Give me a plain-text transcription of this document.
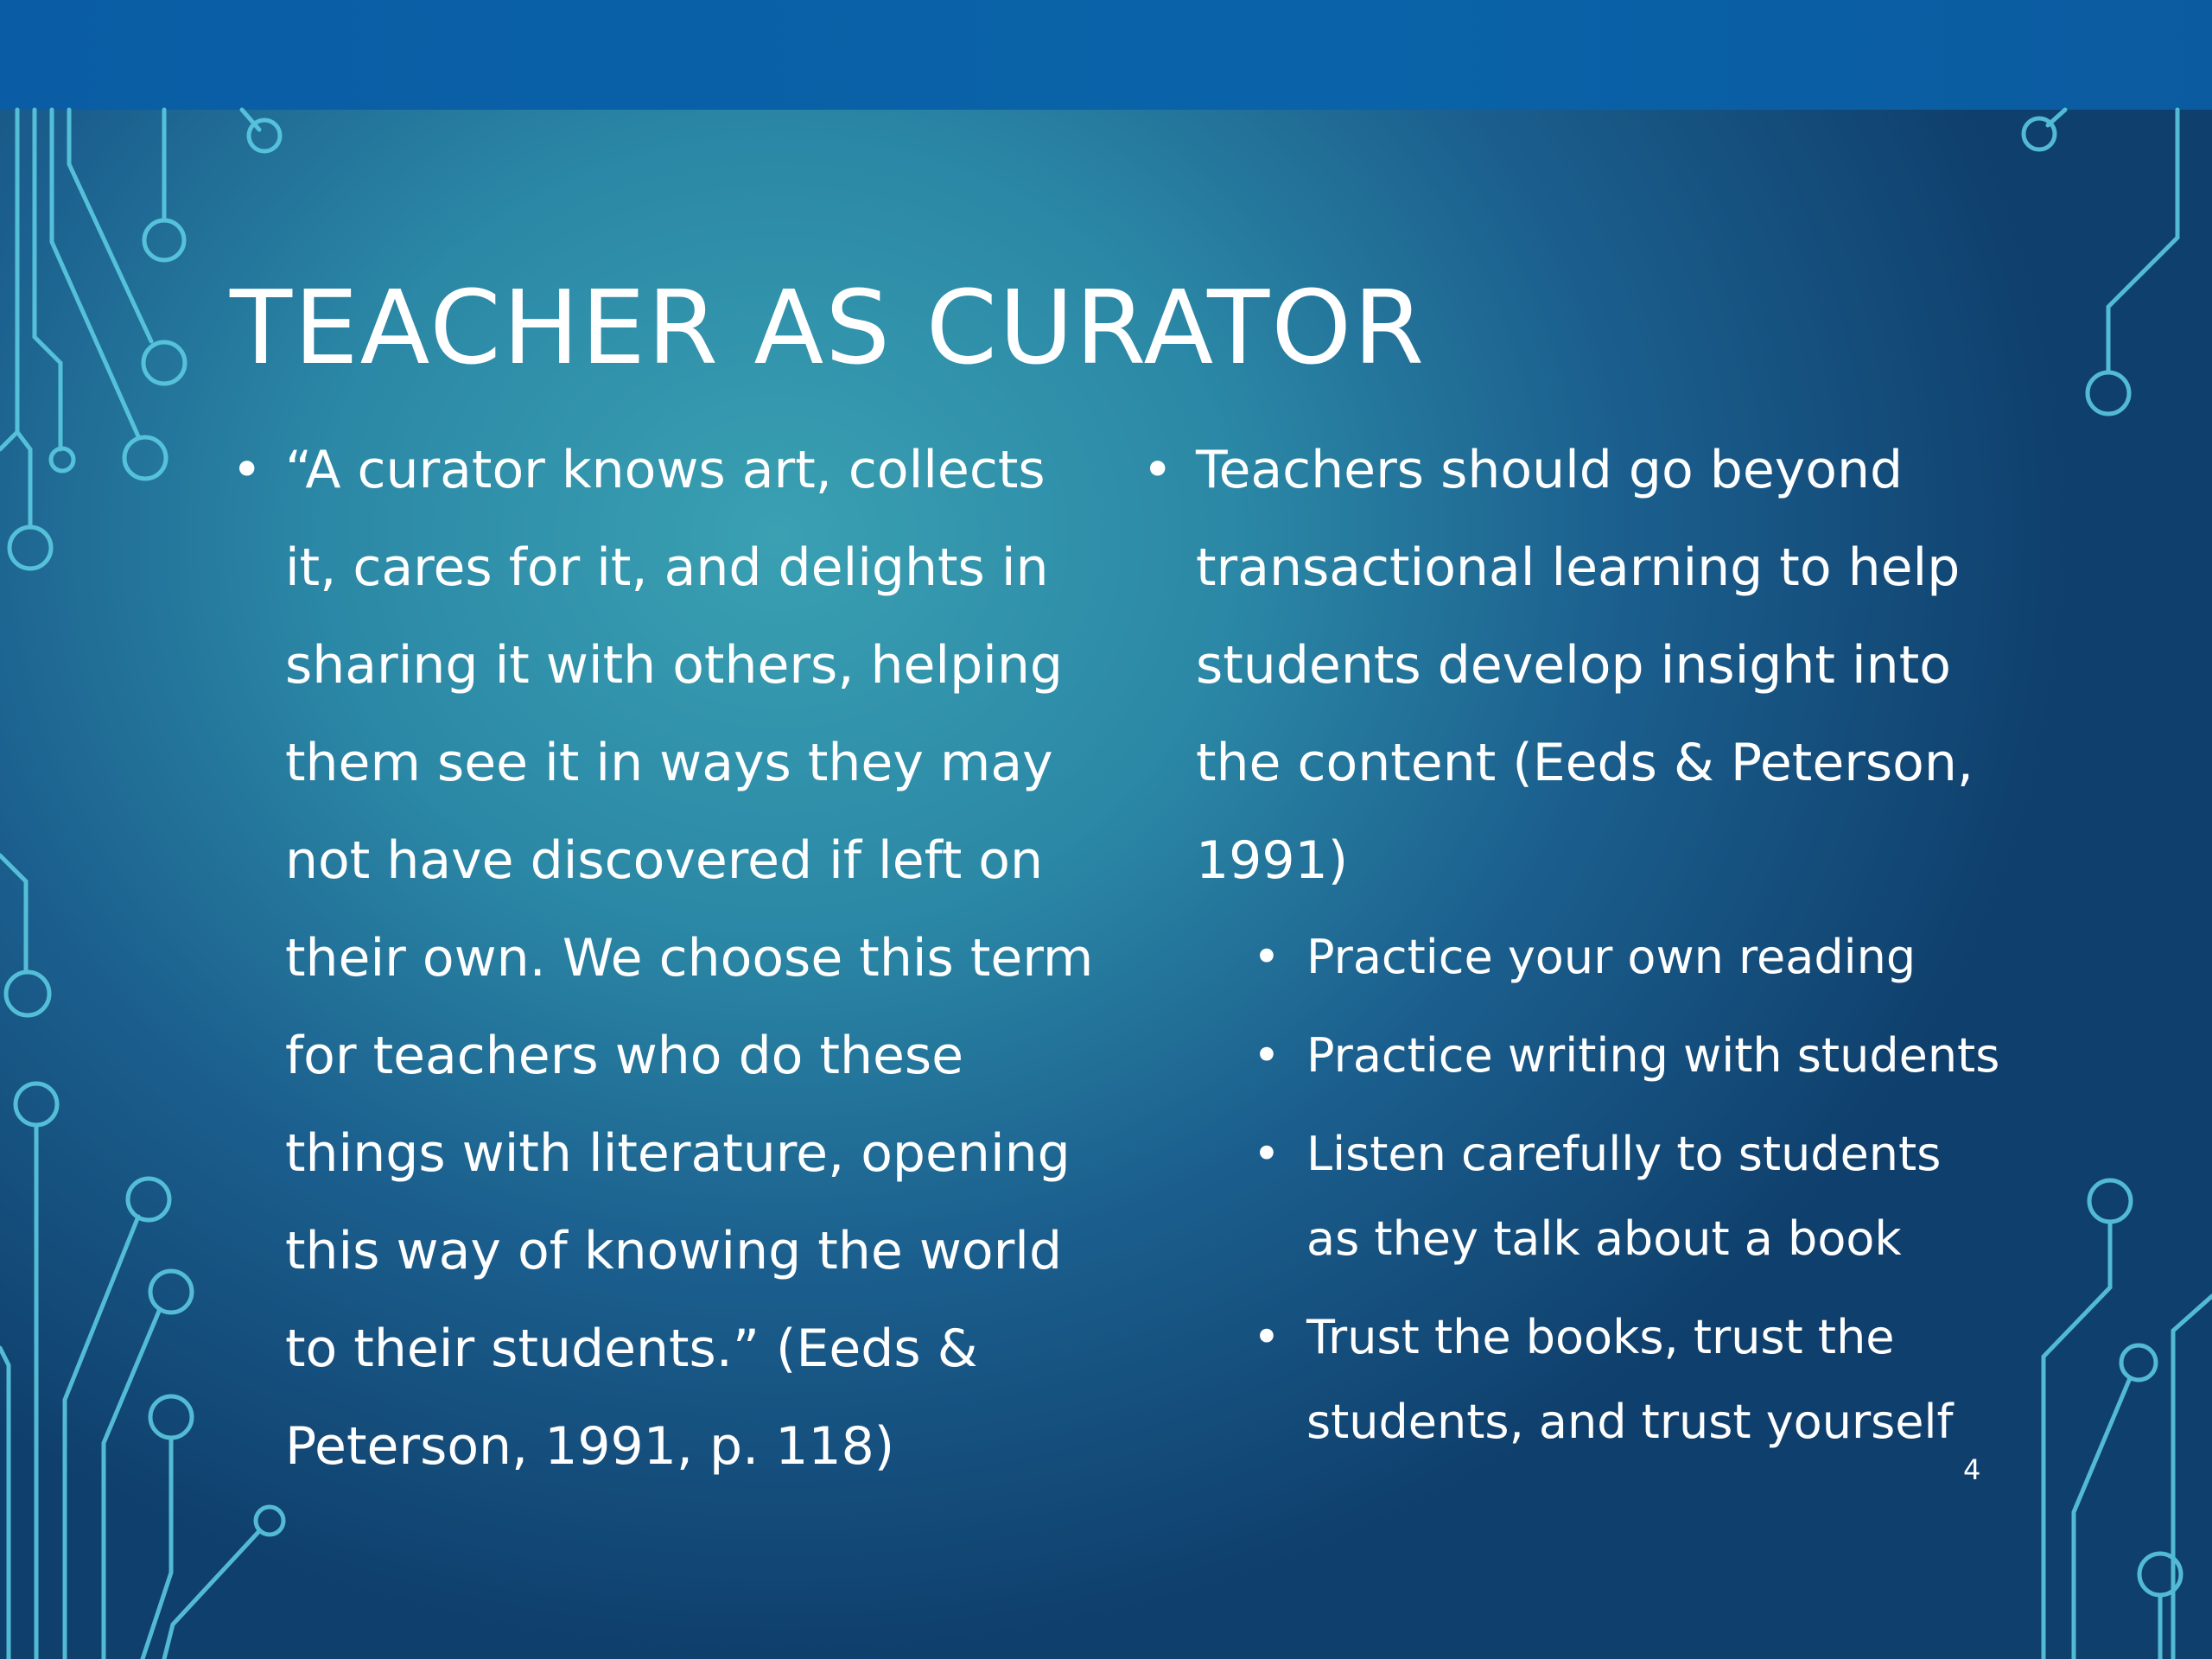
TEACHER AS CURATOR
• “A curator knows art, collects it, cares for it, and delights in sharing it with others, helping them see it in ways they may not have discovered if left on their own. We choose this term for teachers who do these things with literature, opening this way of knowing the world to their students.” (Eeds & Peterson, 1991, p. 118)
• Teachers should go beyond transactional learning to help students develop insight into the content (Eeds & Peterson, 1991)
• Practice your own reading
• Practice writing with students
• Listen carefully to students as they talk about a book
• Trust the books, trust the students, and trust yourself
4
